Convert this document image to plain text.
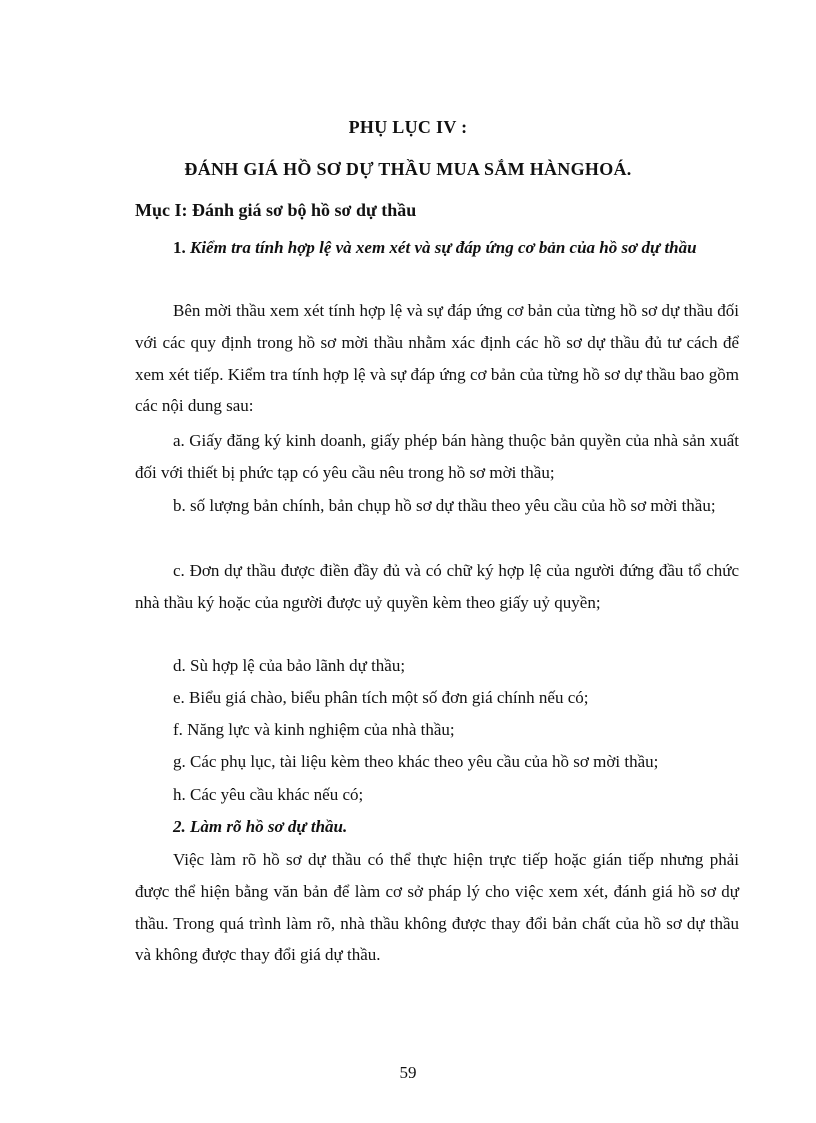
PHỤ LỤC IV :
ĐÁNH GIÁ HỒ SƠ DỰ THẦU MUA SẮM HÀNGHOÁ.
Mục I: Đánh giá sơ bộ hồ sơ dự thầu

1. Kiểm tra tính hợp lệ và xem xét và sự đáp ứng cơ bản của hồ sơ dự thầu

Bên mời thầu xem xét tính hợp lệ và sự đáp ứng cơ bản của từng hồ sơ dự thầu đối với các quy định trong hồ sơ mời thầu nhằm xác định các hồ sơ dự thầu đủ tư cách để xem xét tiếp. Kiểm tra tính hợp lệ và sự đáp ứng cơ bản của từng hồ sơ dự thầu bao gồm các nội dung sau:

a. Giấy đăng ký kinh doanh, giấy phép bán hàng thuộc bản quyền của nhà sản xuất đối với thiết bị phức tạp có yêu cầu nêu trong hồ sơ mời thầu;

b. số lượng bản chính, bản chụp hồ sơ dự thầu theo yêu cầu của hồ sơ mời thầu;

c. Đơn dự thầu được điền đầy đủ và có chữ ký hợp lệ của người đứng đầu tổ chức nhà thầu ký hoặc của người được uỷ quyền kèm theo giấy uỷ quyền;

d. Sù hợp lệ của bảo lãnh dự thầu;
e. Biểu giá chào, biểu phân tích một số đơn giá chính nếu có;
f. Năng lực và kinh nghiệm của nhà thầu;
g. Các phụ lục, tài liệu kèm theo khác theo yêu cầu của hồ sơ mời thầu;
h. Các yêu cầu khác nếu có;
2. Làm rõ hồ sơ dự thầu.

Việc làm rõ hồ sơ dự thầu có thể thực hiện trực tiếp hoặc gián tiếp nhưng phải được thể hiện bằng văn bản để làm cơ sở pháp lý cho việc xem xét, đánh giá hồ sơ dự thầu. Trong quá trình làm rõ, nhà thầu không được thay đổi bản chất của hồ sơ dự thầu và không được thay đổi giá dự thầu.

59
